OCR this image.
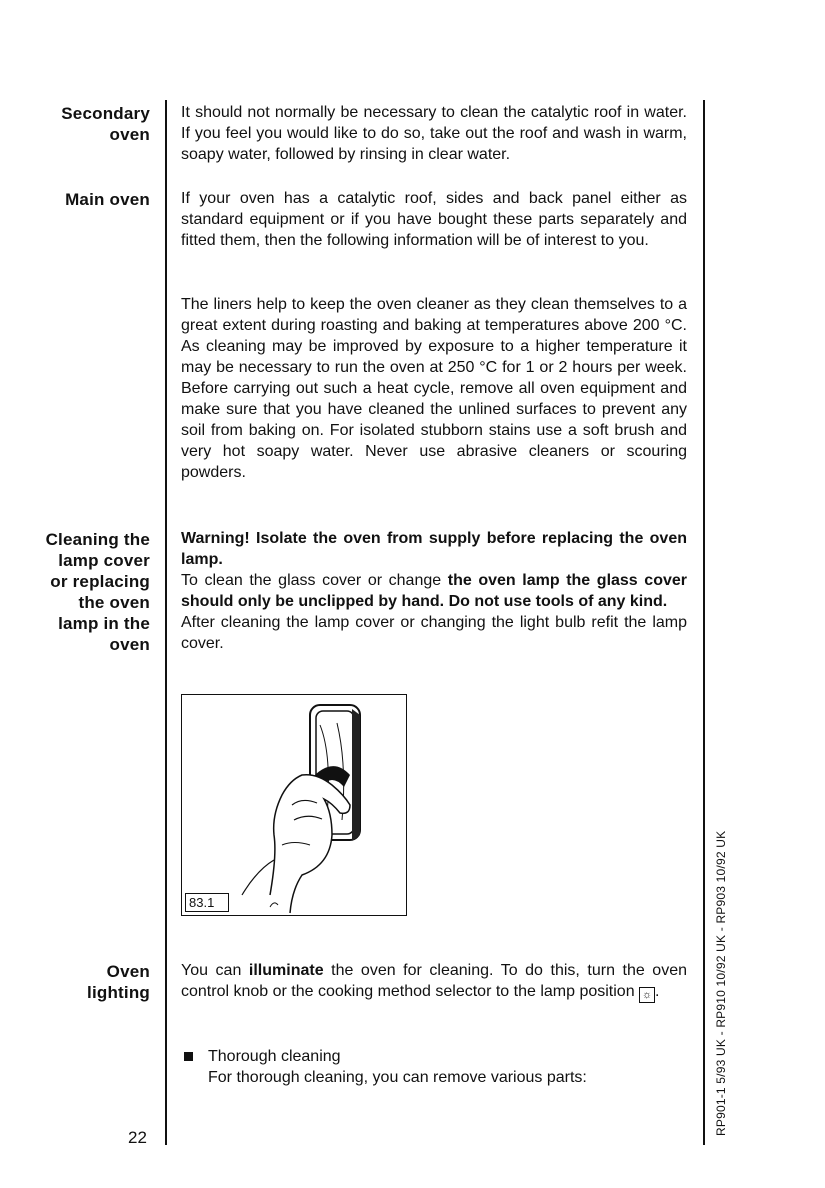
Secondary
oven
Main oven
Cleaning the
lamp cover
or replacing
the oven
lamp in the
oven
Oven
lighting
It should not normally be necessary to clean the catalytic roof in water. If you feel you would like to do so, take out the roof and wash in warm, soapy water, followed by rinsing in clear water.
If your oven has a catalytic roof, sides and back panel either as standard equipment or if you have bought these parts separately and fitted them, then the following information will be of interest to you.
The liners help to keep the oven cleaner as they clean themselves to a great extent during roasting and baking at temperatures above 200 °C. As cleaning may be improved by exposure to a higher temperature it may be necessary to run the oven at 250 °C for 1 or 2 hours per week. Before carrying out such a heat cycle, remove all oven equipment and make sure that you have cleaned the unlined surfaces to prevent any soil from baking on. For isolated stubborn stains use a soft brush and very hot soapy water. Never use abrasive cleaners or scouring powders.
Warning! Isolate the oven from supply before replacing the oven lamp.
To clean the glass cover or change the oven lamp the glass cover should only be unclipped by hand. Do not use tools of any kind.
After cleaning the lamp cover or changing the light bulb refit the lamp cover.
83.1
You can illuminate the oven for cleaning. To do this, turn the oven control knob or the cooking method selector to the lamp position ☼ .
Thorough cleaning
For thorough cleaning, you can remove various parts:
22
RP901-1 5/93 UK - RP910 10/92 UK - RP903 10/92 UK
